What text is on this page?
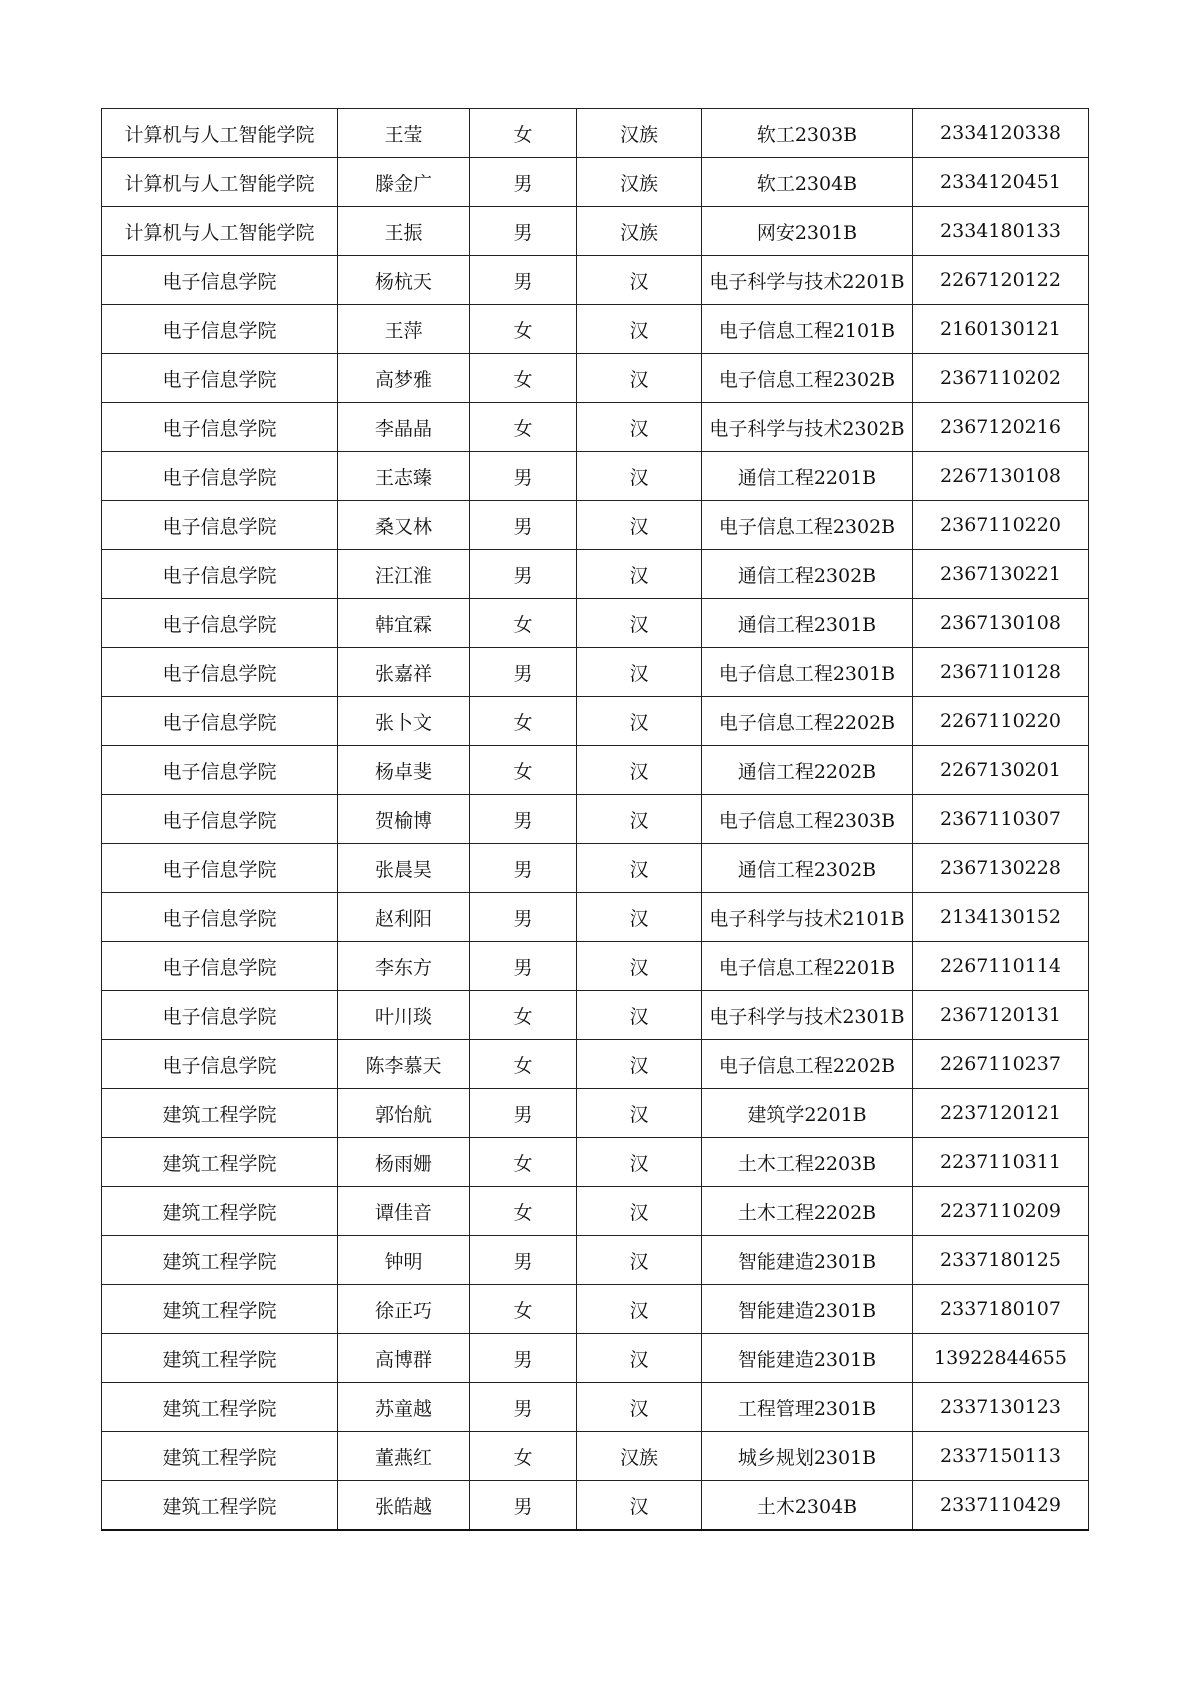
计算机与人工智能学院	王莹	女	汉族	软工2303B	2334120338
计算机与人工智能学院	滕金广	男	汉族	软工2304B	2334120451
计算机与人工智能学院	王振	男	汉族	网安2301B	2334180133
电子信息学院	杨杭天	男	汉	电子科学与技术2201B	2267120122
电子信息学院	王萍	女	汉	电子信息工程2101B	2160130121
电子信息学院	高梦雅	女	汉	电子信息工程2302B	2367110202
电子信息学院	李晶晶	女	汉	电子科学与技术2302B	2367120216
电子信息学院	王志臻	男	汉	通信工程2201B	2267130108
电子信息学院	桑又林	男	汉	电子信息工程2302B	2367110220
电子信息学院	汪江淮	男	汉	通信工程2302B	2367130221
电子信息学院	韩宜霖	女	汉	通信工程2301B	2367130108
电子信息学院	张嘉祥	男	汉	电子信息工程2301B	2367110128
电子信息学院	张卜文	女	汉	电子信息工程2202B	2267110220
电子信息学院	杨卓斐	女	汉	通信工程2202B	2267130201
电子信息学院	贺榆博	男	汉	电子信息工程2303B	2367110307
电子信息学院	张晨昊	男	汉	通信工程2302B	2367130228
电子信息学院	赵利阳	男	汉	电子科学与技术2101B	2134130152
电子信息学院	李东方	男	汉	电子信息工程2201B	2267110114
电子信息学院	叶川琰	女	汉	电子科学与技术2301B	2367120131
电子信息学院	陈李慕天	女	汉	电子信息工程2202B	2267110237
建筑工程学院	郭怡航	男	汉	建筑学2201B	2237120121
建筑工程学院	杨雨姗	女	汉	土木工程2203B	2237110311
建筑工程学院	谭佳音	女	汉	土木工程2202B	2237110209
建筑工程学院	钟明	男	汉	智能建造2301B	2337180125
建筑工程学院	徐正巧	女	汉	智能建造2301B	2337180107
建筑工程学院	高博群	男	汉	智能建造2301B	13922844655
建筑工程学院	苏童越	男	汉	工程管理2301B	2337130123
建筑工程学院	董燕红	女	汉族	城乡规划2301B	2337150113
建筑工程学院	张皓越	男	汉	土木2304B	2337110429
